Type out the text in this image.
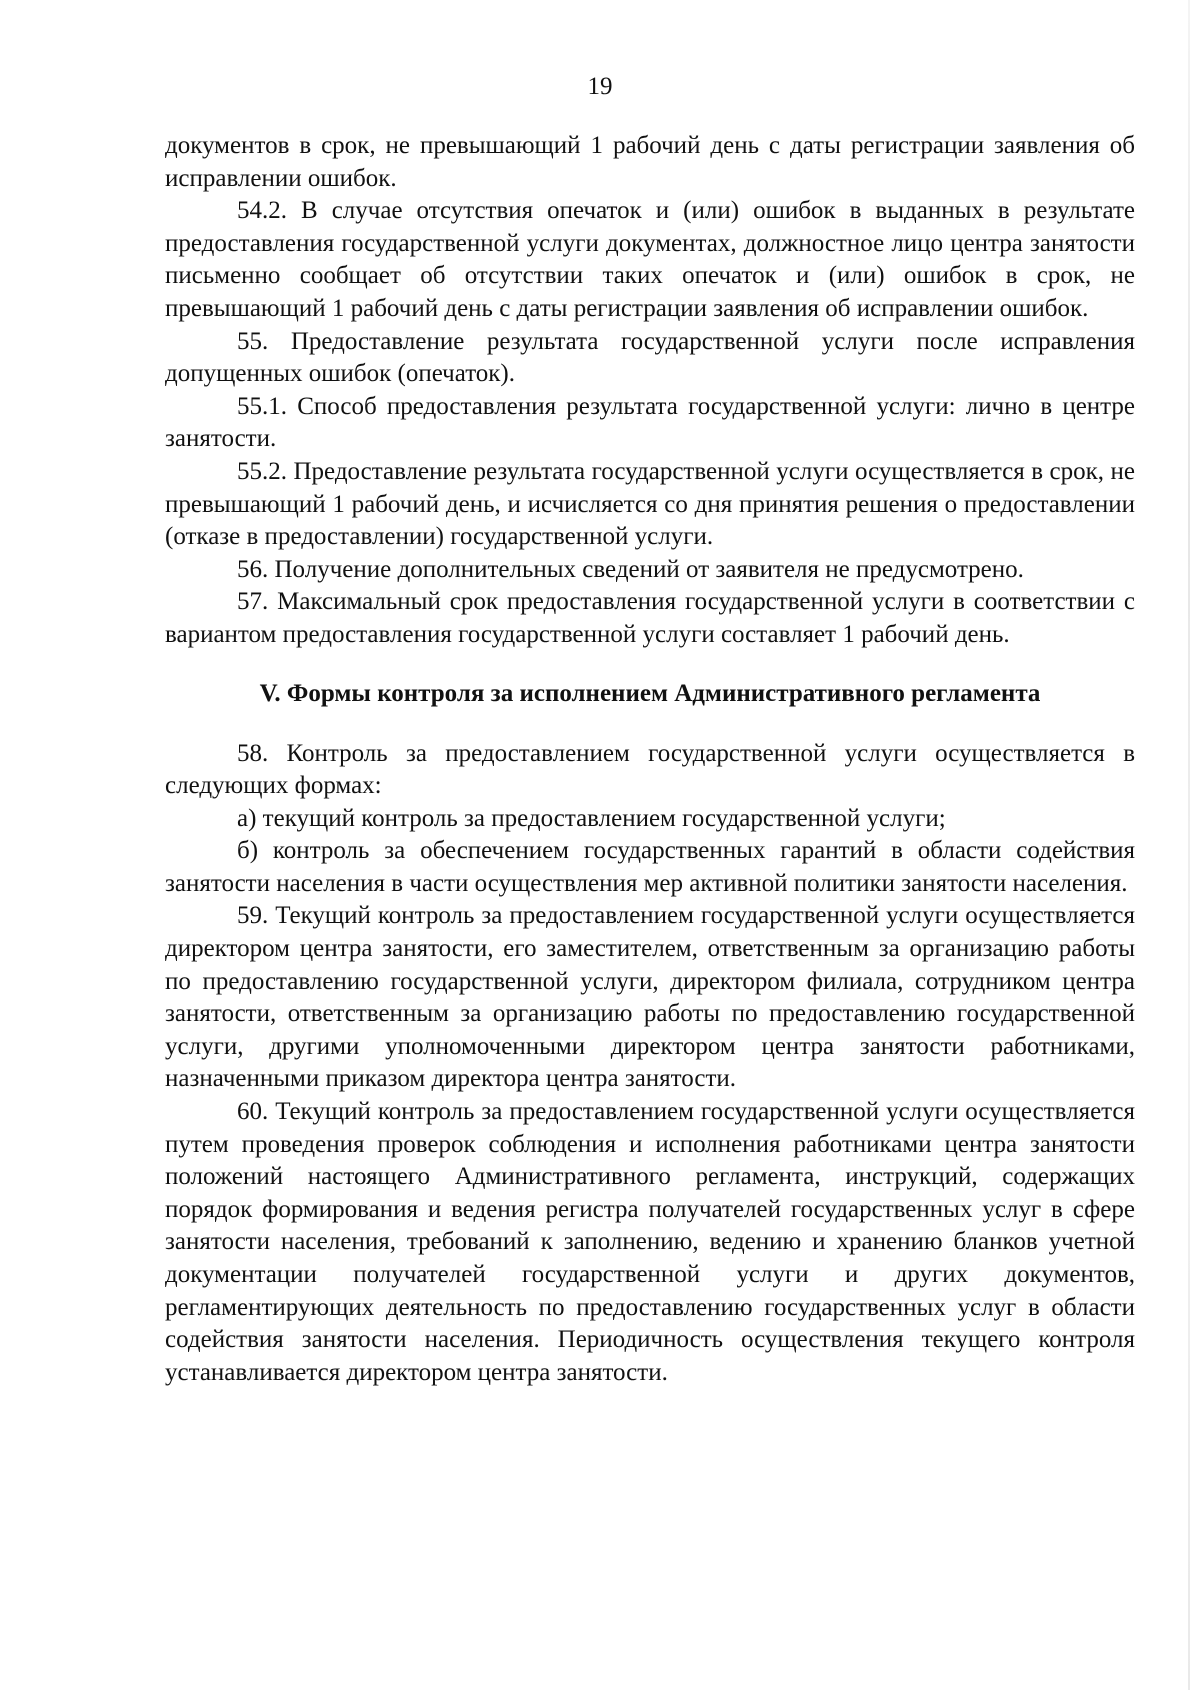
19

документов в срок, не превышающий 1 рабочий день с даты регистрации заявления об исправлении ошибок.

54.2. В случае отсутствия опечаток и (или) ошибок в выданных в результате предоставления государственной услуги документах, должностное лицо центра занятости письменно сообщает об отсутствии таких опечаток и (или) ошибок в срок, не превышающий 1 рабочий день с даты регистрации заявления об исправлении ошибок.

55. Предоставление результата государственной услуги после исправления допущенных ошибок (опечаток).

55.1. Способ предоставления результата государственной услуги: лично в центре занятости.

55.2. Предоставление результата государственной услуги осуществляется в срок, не превышающий 1 рабочий день, и исчисляется со дня принятия решения о предоставлении (отказе в предоставлении) государственной услуги.

56. Получение дополнительных сведений от заявителя не предусмотрено.

57. Максимальный срок предоставления государственной услуги в соответствии с вариантом предоставления государственной услуги составляет 1 рабочий день.

V. Формы контроля за исполнением Административного регламента

58. Контроль за предоставлением государственной услуги осуществляется в следующих формах:

а) текущий контроль за предоставлением государственной услуги;

б) контроль за обеспечением государственных гарантий в области содействия занятости населения в части осуществления мер активной политики занятости населения.

59. Текущий контроль за предоставлением государственной услуги осуществляется директором центра занятости, его заместителем, ответственным за организацию работы по предоставлению государственной услуги, директором филиала, сотрудником центра занятости, ответственным за организацию работы по предоставлению государственной услуги, другими уполномоченными директором центра занятости работниками, назначенными приказом директора центра занятости.

60. Текущий контроль за предоставлением государственной услуги осуществляется путем проведения проверок соблюдения и исполнения работниками центра занятости положений настоящего Административного регламента, инструкций, содержащих порядок формирования и ведения регистра получателей государственных услуг в сфере занятости населения, требований к заполнению, ведению и хранению бланков учетной документации получателей государственной услуги и других документов, регламентирующих деятельность по предоставлению государственных услуг в области содействия занятости населения. Периодичность осуществления текущего контроля устанавливается директором центра занятости.
